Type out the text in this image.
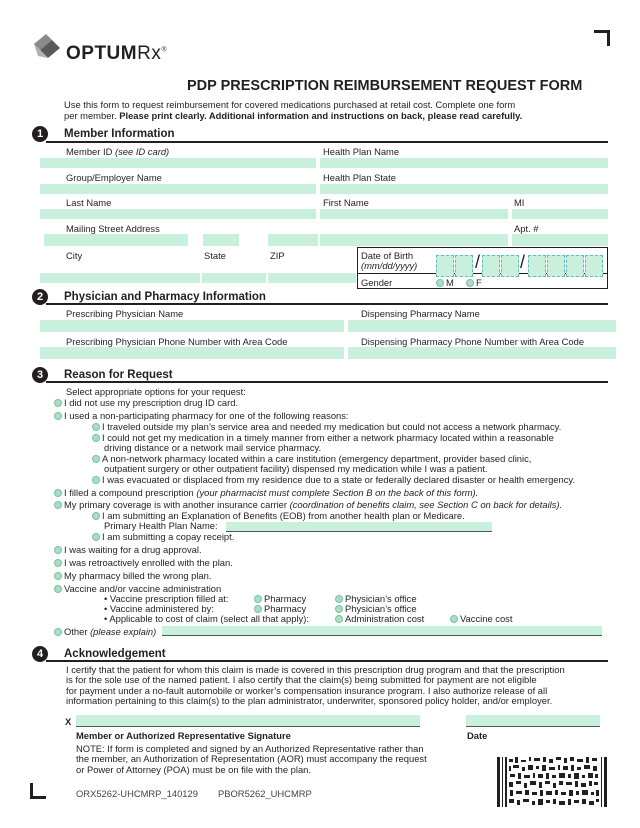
OPTUMRx®
PDP PRESCRIPTION REIMBURSEMENT REQUEST FORM
Use this form to request reimbursement for covered medications purchased at retail cost. Complete one form
per member. Please print clearly. Additional information and instructions on back, please read carefully.
1	Member Information
Member ID (see ID card)	Health Plan Name
Group/Employer Name	Health Plan State
Last Name	First Name	MI
Mailing Street Address	Apt. #
City	State	ZIP	Date of Birth
(mm/dd/yyyy)	/ /
Gender	M	F
2	Physician and Pharmacy Information
Prescribing Physician Name	Dispensing Pharmacy Name
Prescribing Physician Phone Number with Area Code	Dispensing Pharmacy Phone Number with Area Code
3	Reason for Request
Select appropriate options for your request:
I did not use my prescription drug ID card.
I used a non-participating pharmacy for one of the following reasons:
I traveled outside my plan’s service area and needed my medication but could not access a network pharmacy.
I could not get my medication in a timely manner from either a network pharmacy located within a reasonable
driving distance or a network mail service pharmacy.
A non-network pharmacy located within a care institution (emergency department, provider based clinic,
outpatient surgery or other outpatient facility) dispensed my medication while I was a patient.
I was evacuated or displaced from my residence due to a state or federally declared disaster or health emergency.
I filled a compound prescription (your pharmacist must complete Section B on the back of this form).
My primary coverage is with another insurance carrier (coordination of benefits claim, see Section C on back for details).
I am submitting an Explanation of Benefits (EOB) from another health plan or Medicare.
Primary Health Plan Name:
I am submitting a copay receipt.
I was waiting for a drug approval.
I was retroactively enrolled with the plan.
My pharmacy billed the wrong plan.
Vaccine and/or vaccine administration
• Vaccine prescription filled at:	Pharmacy	Physician’s office
• Vaccine administered by:	Pharmacy	Physician’s office
• Applicable to cost of claim (select all that apply):	Administration cost	Vaccine cost
Other (please explain)
4	Acknowledgement
I certify that the patient for whom this claim is made is covered in this prescription drug program and that the prescription
is for the sole use of the named patient. I also certify that the claim(s) being submitted for payment are not eligible
for payment under a no-fault automobile or worker’s compensation insurance program. I also authorize release of all
information pertaining to this claim(s) to the plan administrator, underwriter, sponsored policy holder, and/or employer.
X
Member or Authorized Representative Signature	Date
NOTE: If form is completed and signed by an Authorized Representative rather than
the member, an Authorization of Representation (AOR) must accompany the request
or Power of Attorney (POA) must be on file with the plan.
ORX5262-UHCMRP_140129 PBOR5262_UHCMRP
